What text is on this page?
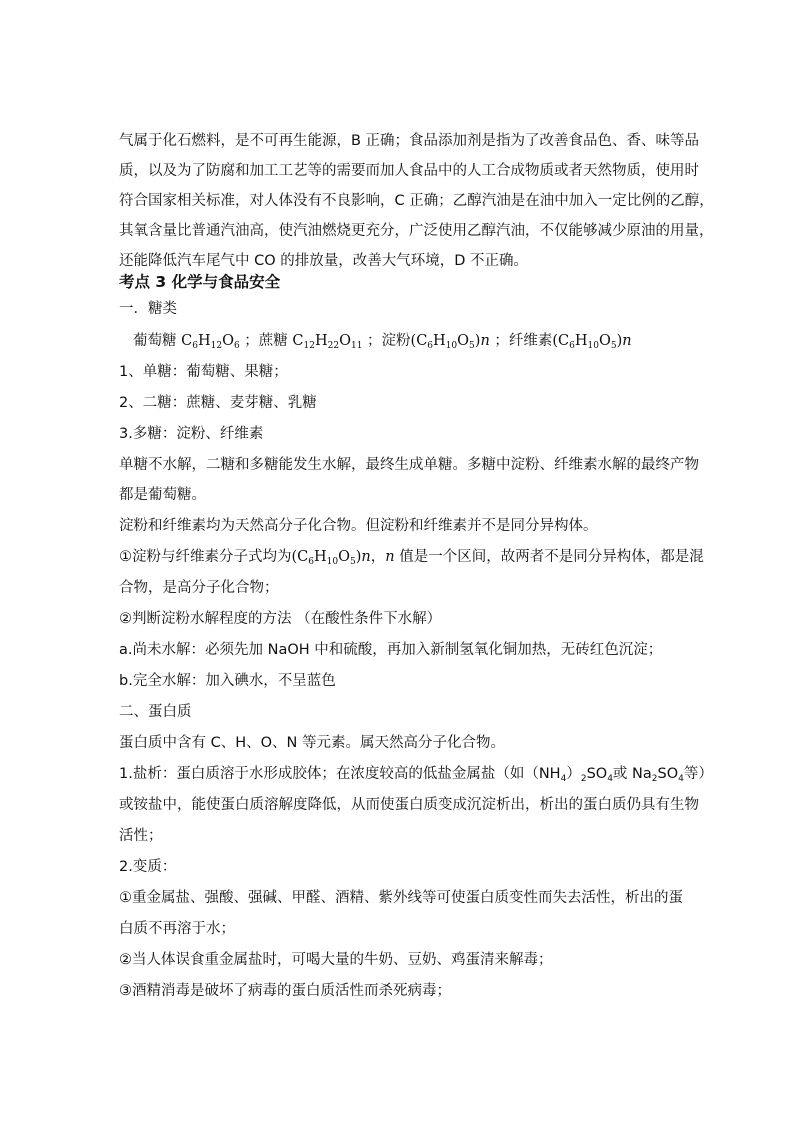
气属于化石燃料，是不可再生能源，B 正确；食品添加剂是指为了改善食品色、香、味等品
质，以及为了防腐和加工工艺等的需要而加人食品中的人工合成物质或者天然物质，使用时
符合国家相关标准，对人体没有不良影响，C 正确；乙醇汽油是在油中加入一定比例的乙醇，
其氧含量比普通汽油高，使汽油燃烧更充分，广泛使用乙醇汽油，不仅能够减少原油的用量，
还能降低汽车尾气中 CO 的排放量，改善大气环境，D 不正确。
考点 3 化学与食品安全
一．糖类
葡萄糖 $C_6H_{12}O_6$ ；蔗糖 $C_{12}H_{22}O_{11}$ ；淀粉$(C_6H_{10}O_5)n$ ；纤维素$(C_6H_{10}O_5)n$
1、单糖：葡萄糖、果糖；
2、二糖：蔗糖、麦芽糖、乳糖
3.多糖：淀粉、纤维素
单糖不水解，二糖和多糖能发生水解，最终生成单糖。多糖中淀粉、纤维素水解的最终产物
都是葡萄糖。
淀粉和纤维素均为天然高分子化合物。但淀粉和纤维素并不是同分异构体。
①淀粉与纤维素分子式均为$(C_6H_{10}O_5)n$，n 值是一个区间，故两者不是同分异构体，都是混
合物，是高分子化合物；
②判断淀粉水解程度的方法 （在酸性条件下水解）
a.尚未水解：必须先加 NaOH 中和硫酸，再加入新制氢氧化铜加热，无砖红色沉淀；
b.完全水解：加入碘水，不呈蓝色
二、蛋白质
蛋白质中含有 C、H、O、N 等元素。属天然高分子化合物。
1.盐析：蛋白质溶于水形成胶体；在浓度较高的低盐金属盐（如$(NH_4)_2SO_4$或 $Na_2SO_4$等）
或铵盐中，能使蛋白质溶解度降低，从而使蛋白质变成沉淀析出，析出的蛋白质仍具有生物
活性；
2.变质：
①重金属盐、强酸、强碱、甲醛、酒精、紫外线等可使蛋白质变性而失去活性，析出的蛋
白质不再溶于水；
②当人体误食重金属盐时，可喝大量的牛奶、豆奶、鸡蛋清来解毒；
③酒精消毒是破坏了病毒的蛋白质活性而杀死病毒；
